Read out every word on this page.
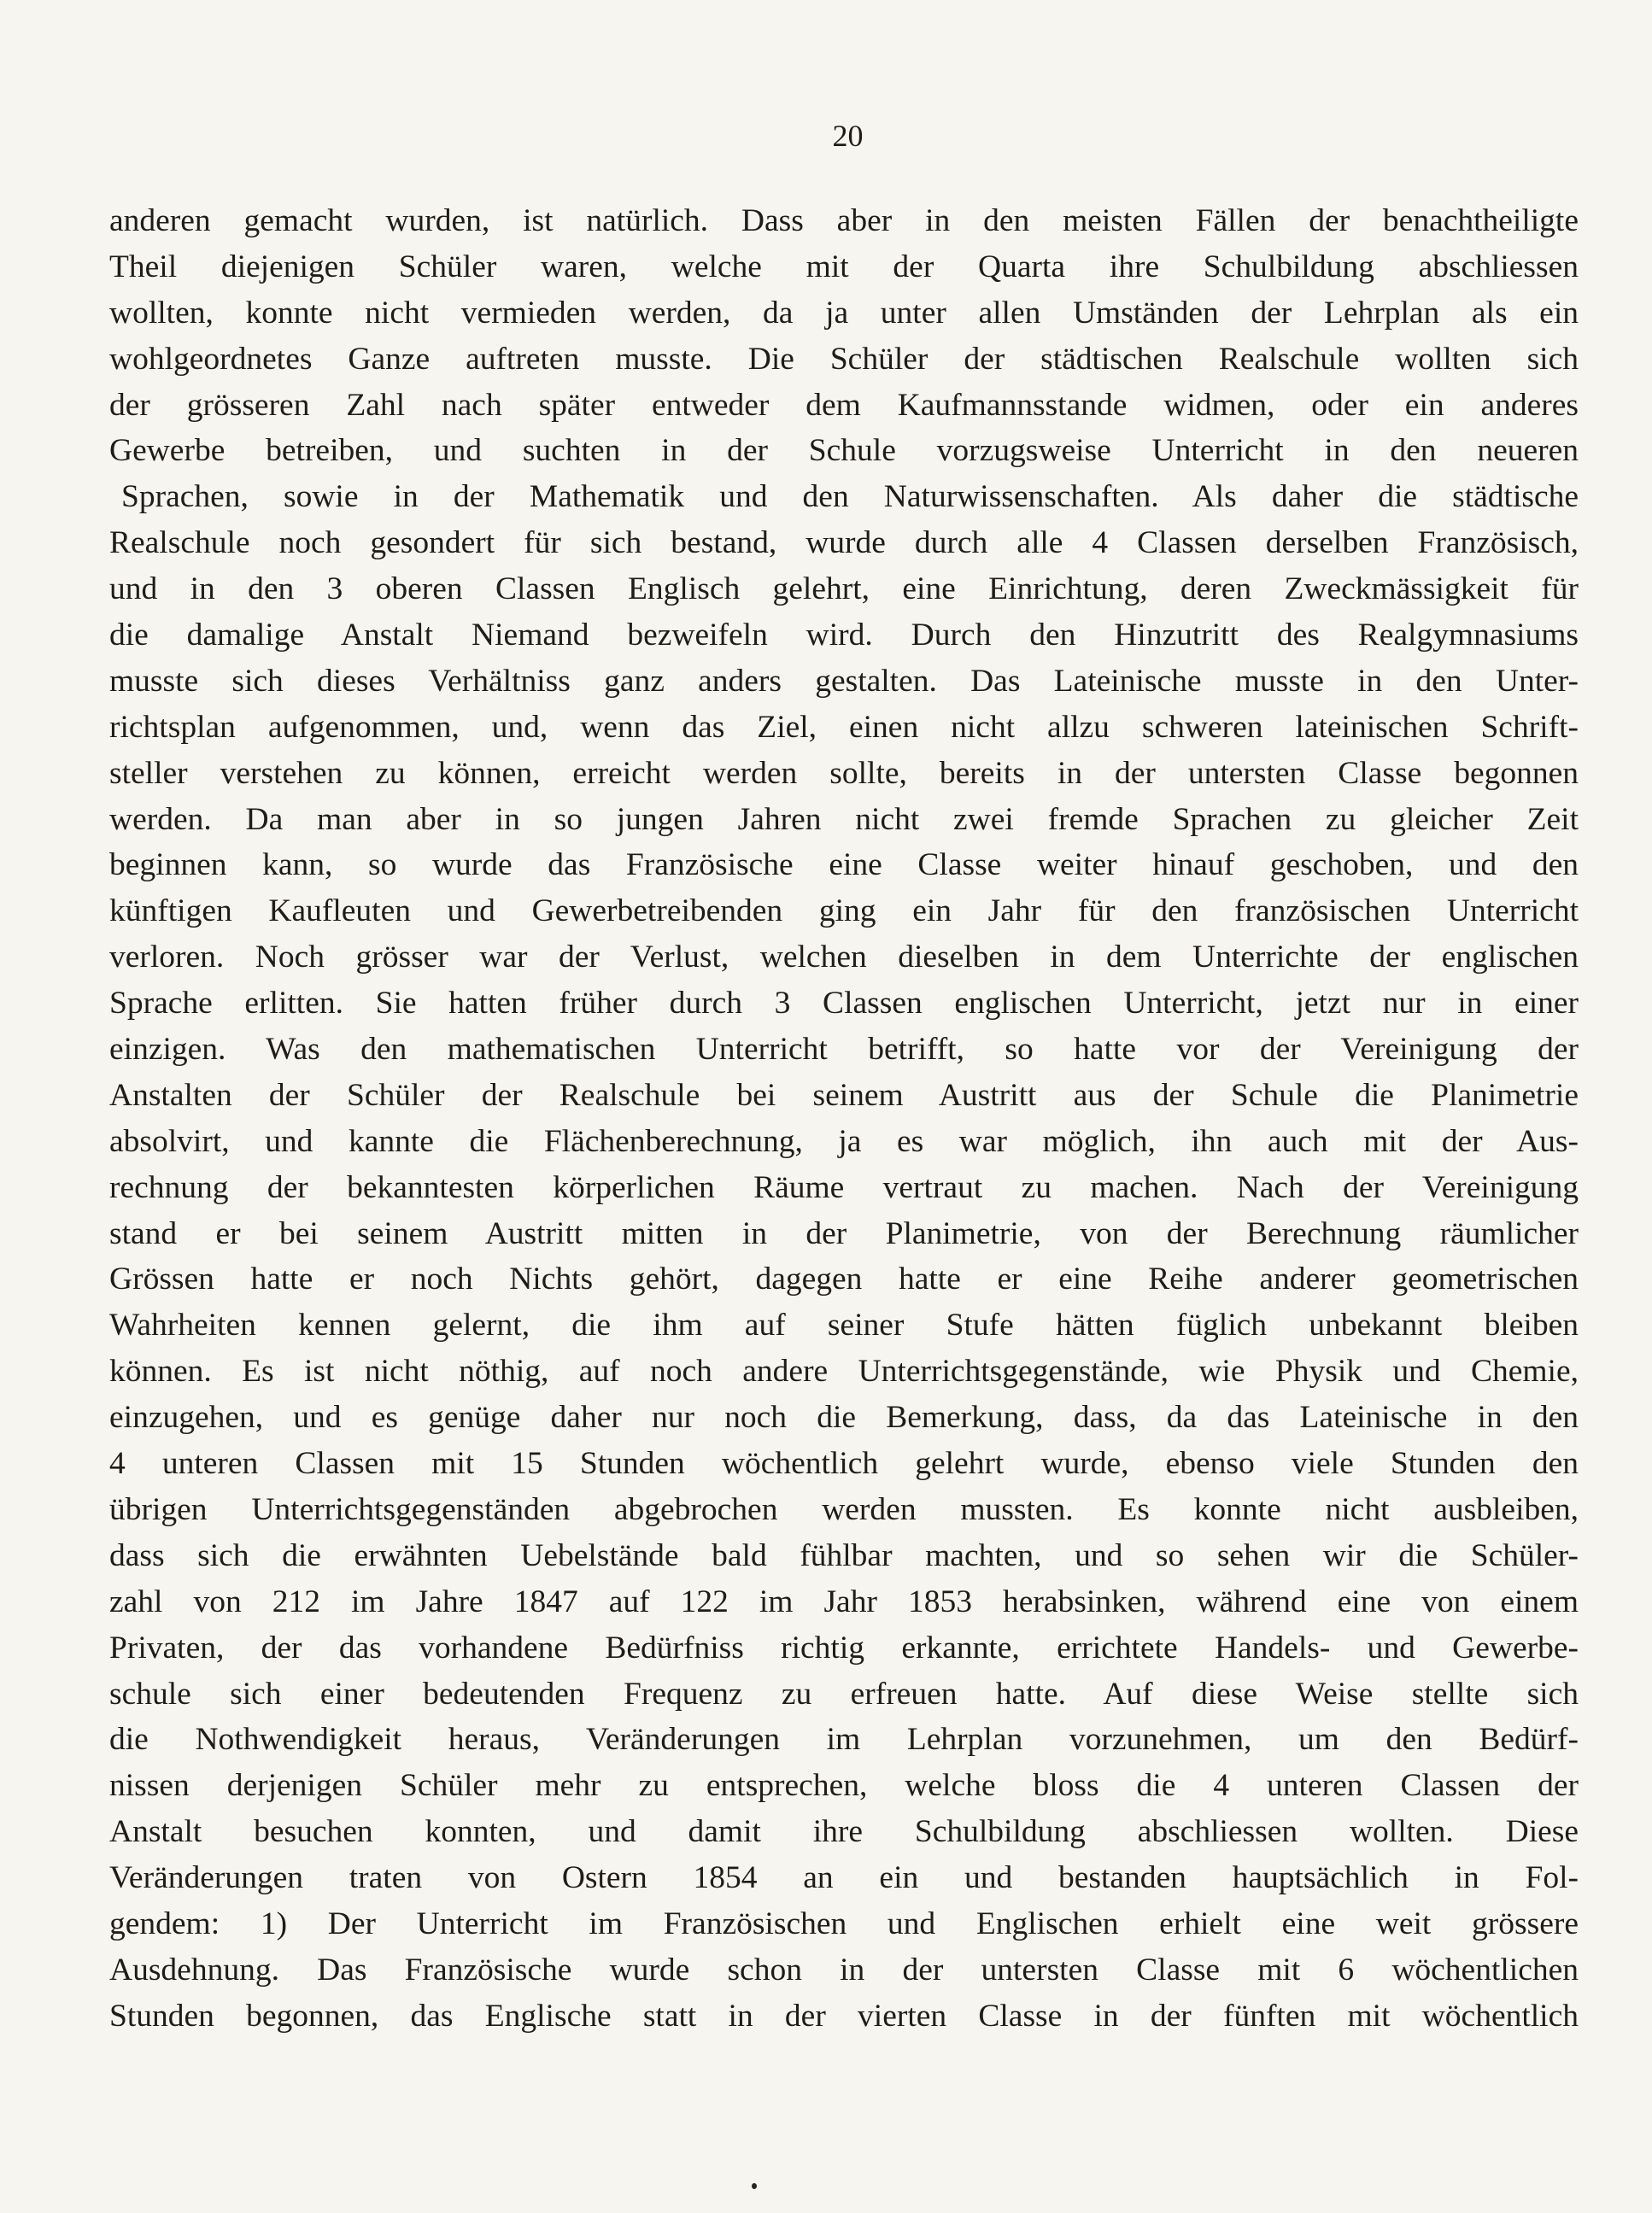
20
anderen gemacht wurden, ist natürlich. Dass aber in den meisten Fällen der benachtheiligte
Theil diejenigen Schüler waren, welche mit der Quarta ihre Schulbildung abschliessen
wollten, konnte nicht vermieden werden, da ja unter allen Umständen der Lehrplan als ein
wohlgeordnetes Ganze auftreten musste. Die Schüler der städtischen Realschule wollten sich
der grösseren Zahl nach später entweder dem Kaufmannsstande widmen, oder ein anderes
Gewerbe betreiben, und suchten in der Schule vorzugsweise Unterricht in den neueren
Sprachen, sowie in der Mathematik und den Naturwissenschaften. Als daher die städtische
Realschule noch gesondert für sich bestand, wurde durch alle 4 Classen derselben Französisch,
und in den 3 oberen Classen Englisch gelehrt, eine Einrichtung, deren Zweckmässigkeit für
die damalige Anstalt Niemand bezweifeln wird. Durch den Hinzutritt des Realgymnasiums
musste sich dieses Verhältniss ganz anders gestalten. Das Lateinische musste in den Unter-
richtsplan aufgenommen, und, wenn das Ziel, einen nicht allzu schweren lateinischen Schrift-
steller verstehen zu können, erreicht werden sollte, bereits in der untersten Classe begonnen
werden. Da man aber in so jungen Jahren nicht zwei fremde Sprachen zu gleicher Zeit
beginnen kann, so wurde das Französische eine Classe weiter hinauf geschoben, und den
künftigen Kaufleuten und Gewerbetreibenden ging ein Jahr für den französischen Unterricht
verloren. Noch grösser war der Verlust, welchen dieselben in dem Unterrichte der englischen
Sprache erlitten. Sie hatten früher durch 3 Classen englischen Unterricht, jetzt nur in einer
einzigen. Was den mathematischen Unterricht betrifft, so hatte vor der Vereinigung der
Anstalten der Schüler der Realschule bei seinem Austritt aus der Schule die Planimetrie
absolvirt, und kannte die Flächenberechnung, ja es war möglich, ihn auch mit der Aus-
rechnung der bekanntesten körperlichen Räume vertraut zu machen. Nach der Vereinigung
stand er bei seinem Austritt mitten in der Planimetrie, von der Berechnung räumlicher
Grössen hatte er noch Nichts gehört, dagegen hatte er eine Reihe anderer geometrischen
Wahrheiten kennen gelernt, die ihm auf seiner Stufe hätten füglich unbekannt bleiben
können. Es ist nicht nöthig, auf noch andere Unterrichtsgegenstände, wie Physik und Chemie,
einzugehen, und es genüge daher nur noch die Bemerkung, dass, da das Lateinische in den
4 unteren Classen mit 15 Stunden wöchentlich gelehrt wurde, ebenso viele Stunden den
übrigen Unterrichtsgegenständen abgebrochen werden mussten. Es konnte nicht ausbleiben,
dass sich die erwähnten Uebelstände bald fühlbar machten, und so sehen wir die Schüler-
zahl von 212 im Jahre 1847 auf 122 im Jahr 1853 herabsinken, während eine von einem
Privaten, der das vorhandene Bedürfniss richtig erkannte, errichtete Handels- und Gewerbe-
schule sich einer bedeutenden Frequenz zu erfreuen hatte. Auf diese Weise stellte sich
die Nothwendigkeit heraus, Veränderungen im Lehrplan vorzunehmen, um den Bedürf-
nissen derjenigen Schüler mehr zu entsprechen, welche bloss die 4 unteren Classen der
Anstalt besuchen konnten, und damit ihre Schulbildung abschliessen wollten. Diese
Veränderungen traten von Ostern 1854 an ein und bestanden hauptsächlich in Fol-
gendem: 1) Der Unterricht im Französischen und Englischen erhielt eine weit grössere
Ausdehnung. Das Französische wurde schon in der untersten Classe mit 6 wöchentlichen
Stunden begonnen, das Englische statt in der vierten Classe in der fünften mit wöchentlich
